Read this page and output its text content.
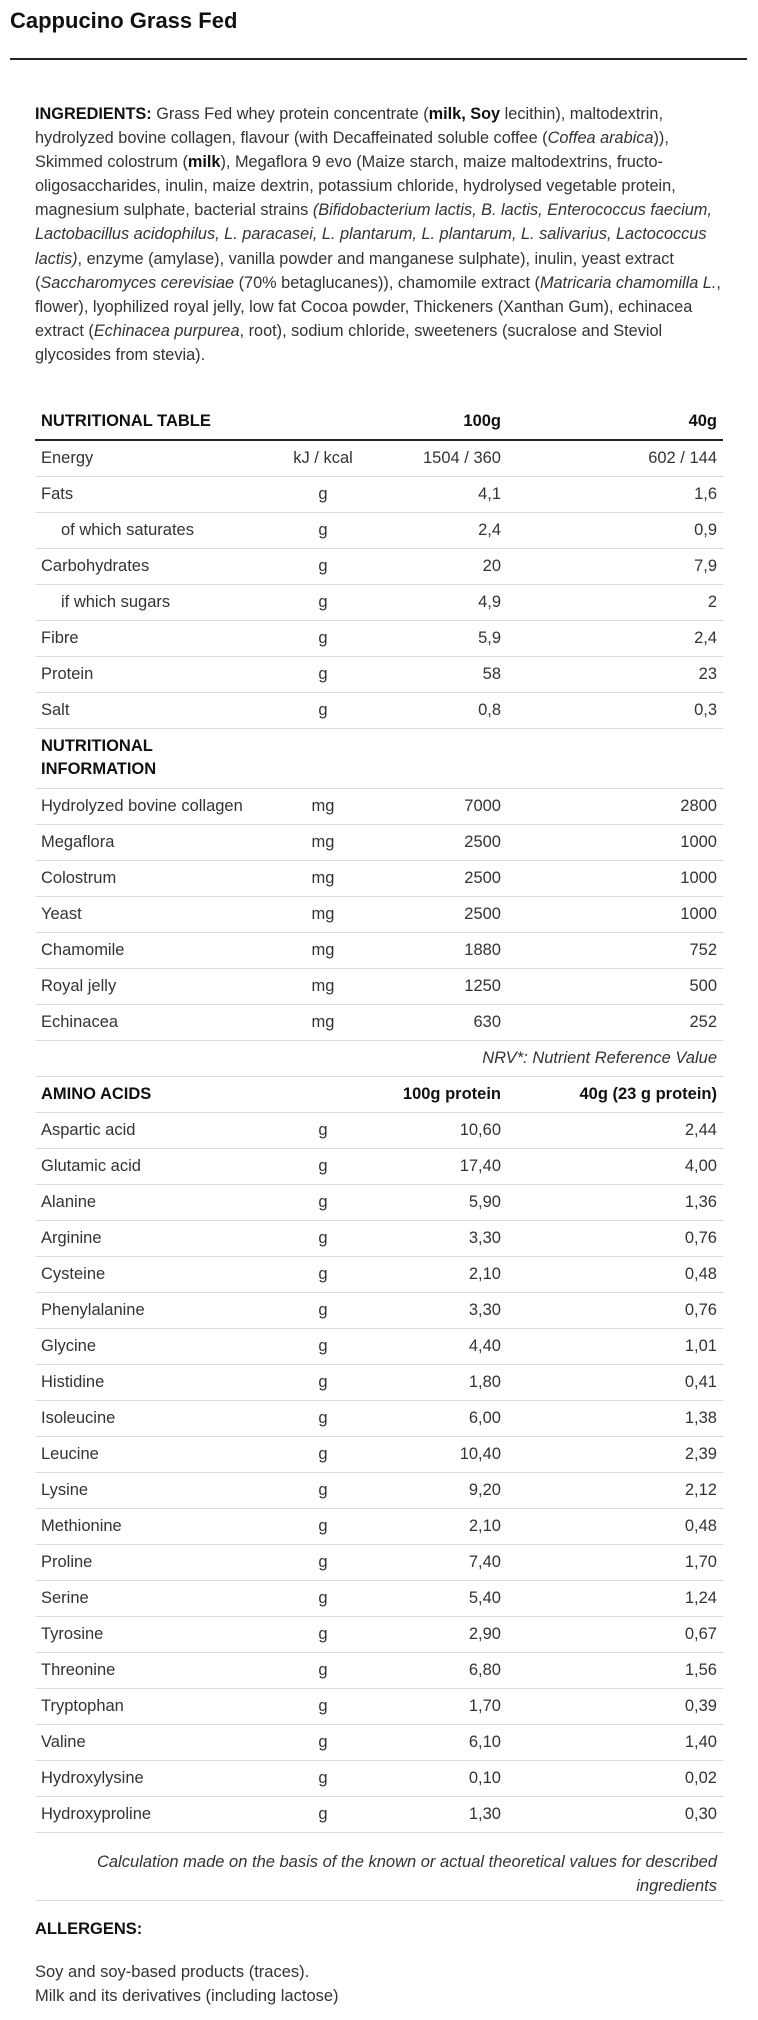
Cappucino Grass Fed

INGREDIENTS: Grass Fed whey protein concentrate (milk, Soy lecithin), maltodextrin, hydrolyzed bovine collagen, flavour (with Decaffeinated soluble coffee (Coffea arabica)), Skimmed colostrum (milk), Megaflora 9 evo (Maize starch, maize maltodextrins, fructo-oligosaccharides, inulin, maize dextrin, potassium chloride, hydrolysed vegetable protein, magnesium sulphate, bacterial strains (Bifidobacterium lactis, B. lactis, Enterococcus faecium, Lactobacillus acidophilus, L. paracasei, L. plantarum, L. plantarum, L. salivarius, Lactococcus lactis), enzyme (amylase), vanilla powder and manganese sulphate), inulin, yeast extract (Saccharomyces cerevisiae (70% betaglucanes)), chamomile extract (Matricaria chamomilla L., flower), lyophilized royal jelly, low fat Cocoa powder, Thickeners (Xanthan Gum), echinacea extract (Echinacea purpurea, root), sodium chloride, sweeteners (sucralose and Steviol glycosides from stevia).

NUTRITIONAL TABLE		100g	40g
Energy	kJ / kcal	1504 / 360	602 / 144
Fats	g	4,1	1,6
of which saturates	g	2,4	0,9
Carbohydrates	g	20	7,9
if which sugars	g	4,9	2
Fibre	g	5,9	2,4
Protein	g	58	23
Salt	g	0,8	0,3

NUTRITIONAL INFORMATION			

Hydrolyzed bovine collagen	mg	7000	2800
Megaflora	mg	2500	1000
Colostrum	mg	2500	1000
Yeast	mg	2500	1000
Chamomile	mg	1880	752
Royal jelly	mg	1250	500
Echinacea	mg	630	252
NRV*: Nutrient Reference Value			
AMINO ACIDS		100g protein	40g (23 g protein)
Aspartic acid	g	10,60	2,44
Glutamic acid	g	17,40	4,00
Alanine	g	5,90	1,36
Arginine	g	3,30	0,76
Cysteine	g	2,10	0,48
Phenylalanine	g	3,30	0,76
Glycine	g	4,40	1,01
Histidine	g	1,80	0,41
Isoleucine	g	6,00	1,38
Leucine	g	10,40	2,39
Lysine	g	9,20	2,12
Methionine	g	2,10	0,48
Proline	g	7,40	1,70
Serine	g	5,40	1,24
Tyrosine	g	2,90	0,67
Threonine	g	6,80	1,56
Tryptophan	g	1,70	0,39
Valine	g	6,10	1,40
Hydroxylysine	g	0,10	0,02
Hydroxyproline	g	1,30	0,30
Calculation made on the basis of the known or actual theoretical values for described ingredients
ALLERGENS:
Soy and soy-based products (traces).
Milk and its derivatives (including lactose)
